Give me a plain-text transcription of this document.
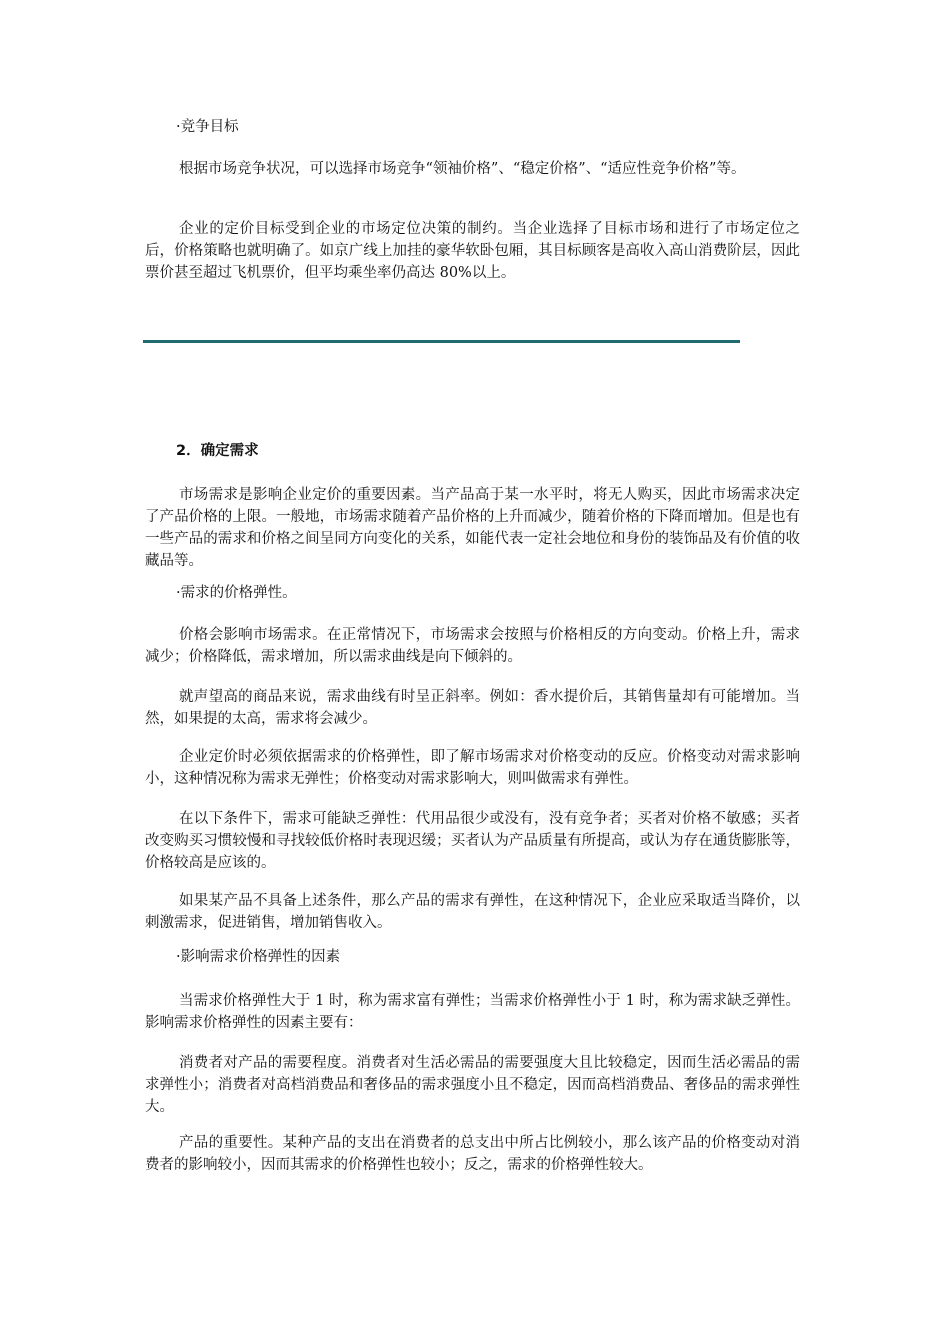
·竞争目标

根据市场竞争状况，可以选择市场竞争“领袖价格”、“稳定价格”、“适应性竞争价格”等。

企业的定价目标受到企业的市场定位决策的制约。当企业选择了目标市场和进行了市场定位之后，价格策略也就明确了。如京广线上加挂的豪华软卧包厢，其目标顾客是高收入高山消费阶层，因此票价甚至超过飞机票价，但平均乘坐率仍高达 80%以上。

2．确定需求

市场需求是影响企业定价的重要因素。当产品高于某一水平时，将无人购买，因此市场需求决定了产品价格的上限。一般地，市场需求随着产品价格的上升而减少，随着价格的下降而增加。但是也有一些产品的需求和价格之间呈同方向变化的关系，如能代表一定社会地位和身份的装饰品及有价值的收藏品等。

·需求的价格弹性。

价格会影响市场需求。在正常情况下，市场需求会按照与价格相反的方向变动。价格上升，需求减少；价格降低，需求增加，所以需求曲线是向下倾斜的。

就声望高的商品来说，需求曲线有时呈正斜率。例如：香水提价后，其销售量却有可能增加。当然，如果提的太高，需求将会减少。

企业定价时必须依据需求的价格弹性，即了解市场需求对价格变动的反应。价格变动对需求影响小，这种情况称为需求无弹性；价格变动对需求影响大，则叫做需求有弹性。

在以下条件下，需求可能缺乏弹性：代用品很少或没有，没有竞争者；买者对价格不敏感；买者改变购买习惯较慢和寻找较低价格时表现迟缓；买者认为产品质量有所提高，或认为存在通货膨胀等，价格较高是应该的。

如果某产品不具备上述条件，那么产品的需求有弹性，在这种情况下，企业应采取适当降价，以刺激需求，促进销售，增加销售收入。

·影响需求价格弹性的因素

当需求价格弹性大于 1 时，称为需求富有弹性；当需求价格弹性小于 1 时，称为需求缺乏弹性。影响需求价格弹性的因素主要有：

消费者对产品的需要程度。消费者对生活必需品的需要强度大且比较稳定，因而生活必需品的需求弹性小；消费者对高档消费品和奢侈品的需求强度小且不稳定，因而高档消费品、奢侈品的需求弹性大。

产品的重要性。某种产品的支出在消费者的总支出中所占比例较小，那么该产品的价格变动对消费者的影响较小，因而其需求的价格弹性也较小；反之，需求的价格弹性较大。
